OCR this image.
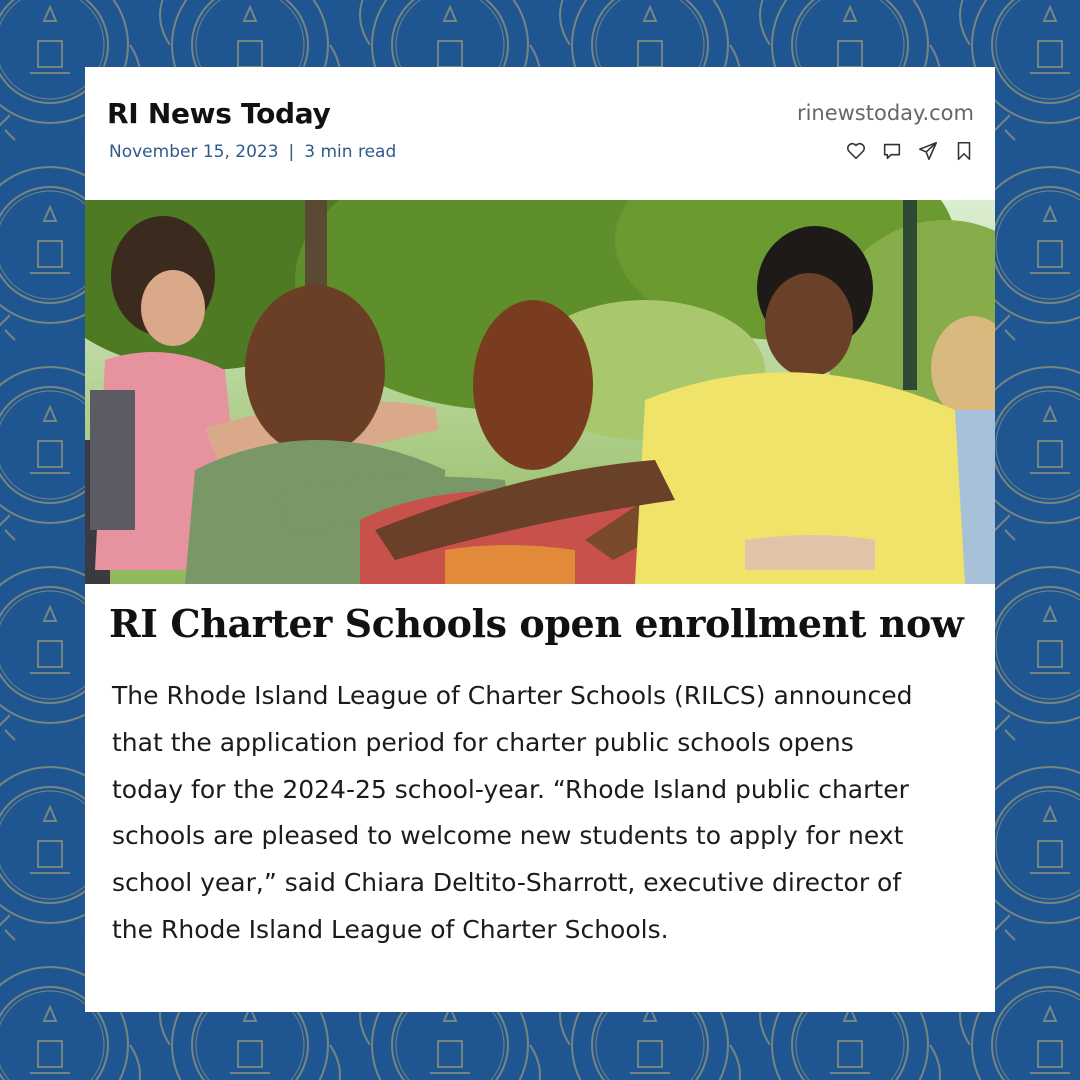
RI News Today
November 15, 2023 | 3 min read
rinewstoday.com
RI Charter Schools open enrollment now
The Rhode Island League of Charter Schools (RILCS) announced that the application period for charter public schools opens today for the 2024-25 school-year. “Rhode Island public charter schools are pleased to welcome new students to apply for next school year,” said Chiara Deltito-Sharrott, executive director of the Rhode Island League of Charter Schools.
